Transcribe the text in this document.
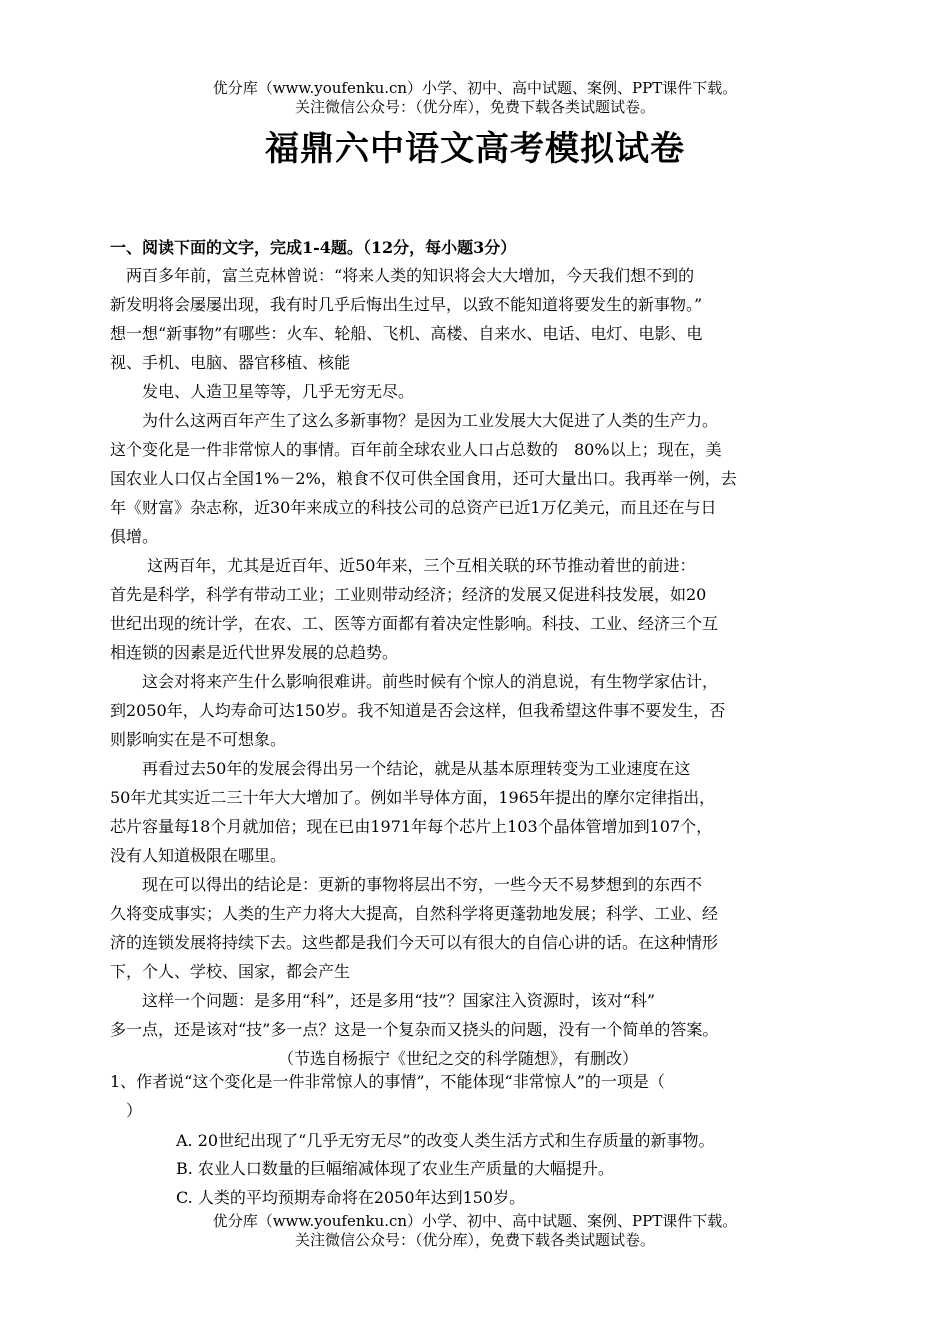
优分库（www.youfenku.cn）小学、初中、高中试题、案例、PPT课件下载。
关注微信公众号：（优分库），免费下载各类试题试卷。
福鼎六中语文高考模拟试卷
一、阅读下面的文字，完成1-4题。（12分，每小题3分）
　两百多年前，富兰克林曾说：“将来人类的知识将会大大增加，今天我们想不到的
新发明将会屡屡出现，我有时几乎后悔出生过早，以致不能知道将要发生的新事物。”
想一想“新事物”有哪些：火车、轮船、飞机、高楼、自来水、电话、电灯、电影、电
视、手机、电脑、器官移植、核能
　　发电、人造卫星等等，几乎无穷无尽。
　　为什么这两百年产生了这么多新事物？是因为工业发展大大促进了人类的生产力。
这个变化是一件非常惊人的事情。百年前全球农业人口占总数的　80%以上；现在，美
国农业人口仅占全国1%－2%，粮食不仅可供全国食用，还可大量出口。我再举一例，去
年《财富》杂志称，近30年来成立的科技公司的总资产已近1万亿美元，而且还在与日
俱增。
　　 这两百年，尤其是近百年、近50年来，三个互相关联的环节推动着世的前进：
首先是科学，科学有带动工业；工业则带动经济；经济的发展又促进科技发展，如20
世纪出现的统计学，在农、工、医等方面都有着决定性影响。科技、工业、经济三个互
相连锁的因素是近代世界发展的总趋势。
　　这会对将来产生什么影响很难讲。前些时候有个惊人的消息说，有生物学家估计，
到2050年，人均寿命可达150岁。我不知道是否会这样，但我希望这件事不要发生，否
则影响实在是不可想象。
　　再看过去50年的发展会得出另一个结论，就是从基本原理转变为工业速度在这
50年尤其实近二三十年大大增加了。例如半导体方面，1965年提出的摩尔定律指出，
芯片容量每18个月就加倍；现在已由1971年每个芯片上103个晶体管增加到107个，
没有人知道极限在哪里。
　　现在可以得出的结论是：更新的事物将层出不穷，一些今天不易梦想到的东西不
久将变成事实；人类的生产力将大大提高，自然科学将更蓬勃地发展；科学、工业、经
济的连锁发展将持续下去。这些都是我们今天可以有很大的自信心讲的话。在这种情形
下，个人、学校、国家，都会产生
　　这样一个问题：是多用“科”，还是多用“技”？国家注入资源时，该对“科”
多一点，还是该对“技”多一点？这是一个复杂而又挠头的问题，没有一个简单的答案。
　　　　　　　　　　　（节选自杨振宁《世纪之交的科学随想》，有删改）
1、作者说“这个变化是一件非常惊人的事情”，不能体现“非常惊人”的一项是（
　）
A. 20世纪出现了“几乎无穷无尽”的改变人类生活方式和生存质量的新事物。
B. 农业人口数量的巨幅缩减体现了农业生产质量的大幅提升。
C. 人类的平均预期寿命将在2050年达到150岁。
优分库（www.youfenku.cn）小学、初中、高中试题、案例、PPT课件下载。
关注微信公众号：（优分库），免费下载各类试题试卷。
